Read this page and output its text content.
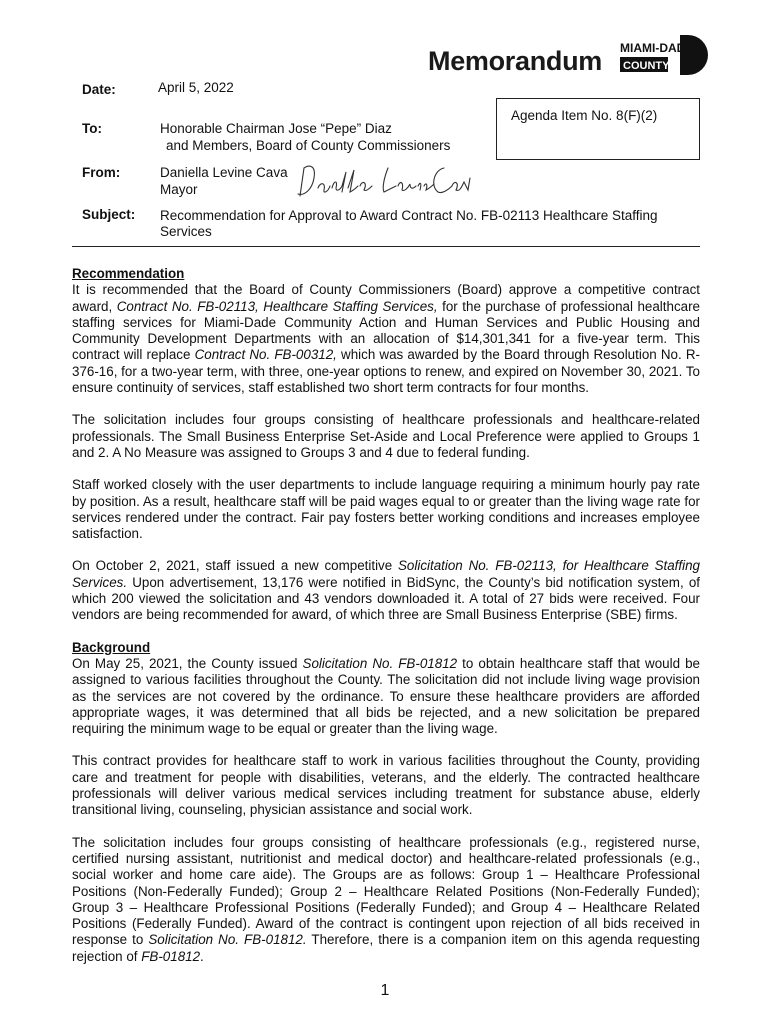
Memorandum MIAMI-DADE
COUNTY
Date:	April 5, 2022
To:	Honorable Chairman Jose “Pepe” Diaz
and Members, Board of County Commissioners
From:	Daniella Levine Cava
Mayor
Subject: Recommendation for Approval to Award Contract No. FB-02113 Healthcare Staffing
Services
Agenda Item No. 8(F)(2)
Recommendation

It is recommended that the Board of County Commissioners (Board) approve a competitive contract award, Contract No. FB-02113, Healthcare Staffing Services, for the purchase of professional healthcare staffing services for Miami-Dade Community Action and Human Services and Public Housing and Community Development Departments with an allocation of $14,301,341 for a five-year term. This contract will replace Contract No. FB-00312, which was awarded by the Board through Resolution No. R-376-16, for a two-year term, with three, one-year options to renew, and expired on November 30, 2021. To ensure continuity of services, staff established two short term contracts for four months.

The solicitation includes four groups consisting of healthcare professionals and healthcare-related professionals. The Small Business Enterprise Set-Aside and Local Preference were applied to Groups 1 and 2. A No Measure was assigned to Groups 3 and 4 due to federal funding.

Staff worked closely with the user departments to include language requiring a minimum hourly pay rate by position. As a result, healthcare staff will be paid wages equal to or greater than the living wage rate for services rendered under the contract. Fair pay fosters better working conditions and increases employee satisfaction.

On October 2, 2021, staff issued a new competitive Solicitation No. FB-02113, for Healthcare Staffing Services. Upon advertisement, 13,176 were notified in BidSync, the County’s bid notification system, of which 200 viewed the solicitation and 43 vendors downloaded it. A total of 27 bids were received. Four vendors are being recommended for award, of which three are Small Business Enterprise (SBE) firms.

Background

On May 25, 2021, the County issued Solicitation No. FB-01812 to obtain healthcare staff that would be assigned to various facilities throughout the County. The solicitation did not include living wage provision as the services are not covered by the ordinance. To ensure these healthcare providers are afforded appropriate wages, it was determined that all bids be rejected, and a new solicitation be prepared requiring the minimum wage to be equal or greater than the living wage.

This contract provides for healthcare staff to work in various facilities throughout the County, providing care and treatment for people with disabilities, veterans, and the elderly. The contracted healthcare professionals will deliver various medical services including treatment for substance abuse, elderly transitional living, counseling, physician assistance and social work.

The solicitation includes four groups consisting of healthcare professionals (e.g., registered nurse, certified nursing assistant, nutritionist and medical doctor) and healthcare-related professionals (e.g., social worker and home care aide). The Groups are as follows: Group 1 – Healthcare Professional Positions (Non-Federally Funded); Group 2 – Healthcare Related Positions (Non-Federally Funded); Group 3 – Healthcare Professional Positions (Federally Funded); and Group 4 – Healthcare Related Positions (Federally Funded). Award of the contract is contingent upon rejection of all bids received in response to Solicitation No. FB-01812. Therefore, there is a companion item on this agenda requesting rejection of FB-01812.

1
